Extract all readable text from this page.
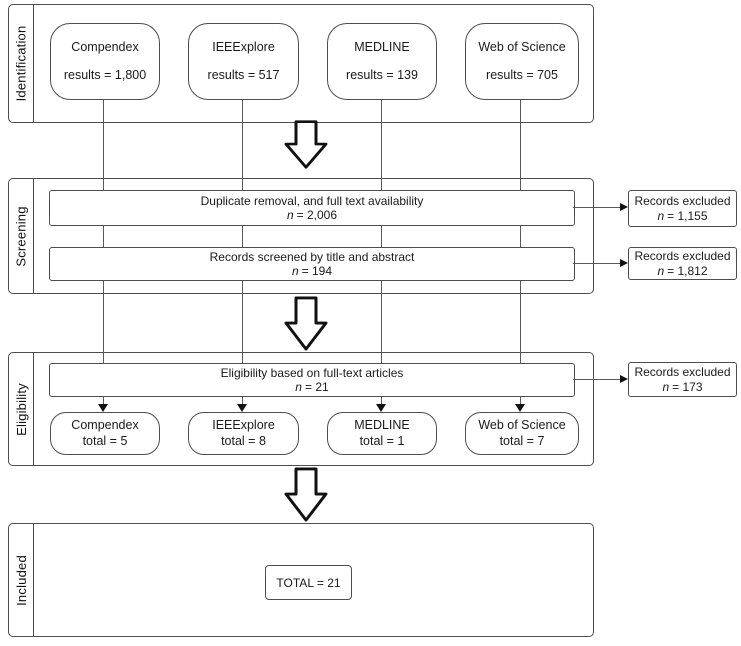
Identification	Compendex
results = 1,800
IEEExplore
results = 517
MEDLINE
results = 139
Web of Science
results = 705
Screening
Duplicate removal, and full text availability
n = 2,006
Records screened by title and abstract
n = 194
Records excluded
n = 1,155
Records excluded
n = 1,812
Eligibility
Eligibility based on full-text articles
n = 21
Records excluded
n = 173
Compendex
total = 5
IEEExplore
total = 8
MEDLINE
total = 1
Web of Science
total = 7
Included	TOTAL = 21
